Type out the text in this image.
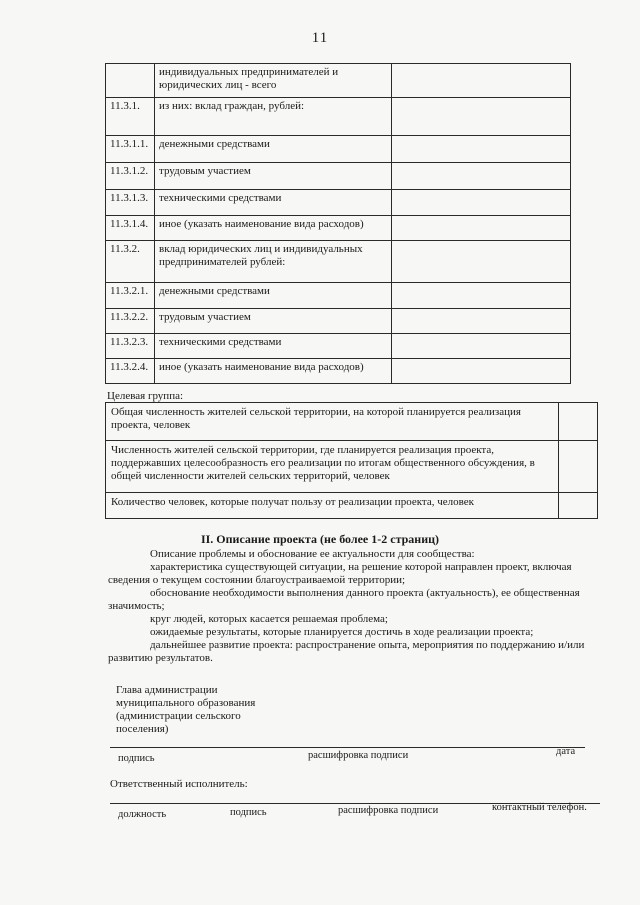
11
	индивидуальных предпринимателей и юридических лиц - всего	
11.3.1.	из них: вклад граждан, рублей:	
11.3.1.1.	денежными средствами	
11.3.1.2.	трудовым участием	
11.3.1.3.	техническими средствами	
11.3.1.4.	иное (указать наименование вида расходов)	
11.3.2.	вклад юридических лиц и индивидуальных предпринимателей рублей:	
11.3.2.1.	денежными средствами	
11.3.2.2.	трудовым участием	
11.3.2.3.	техническими средствами	
11.3.2.4.	иное (указать наименование вида расходов)	
Целевая группа:
Общая численность жителей сельской территории, на которой планируется реализация проекта, человек	
Численность жителей сельской территории, где планируется реализация проекта, поддержавших целесообразность его реализации по итогам общественного обсуждения, в общей численности жителей сельских территорий, человек	
Количество человек, которые получат пользу от реализации проекта, человек	
II. Описание проекта (не более 1-2 страниц)
Описание проблемы и обоснование ее актуальности для сообщества:
характеристика существующей ситуации, на решение которой направлен проект, включая
сведения о текущем состоянии благоустраиваемой территории;
обоснование необходимости выполнения данного проекта (актуальность), ее общественная
значимость;
круг людей, которых касается решаемая проблема;
ожидаемые результаты, которые планируется достичь в ходе реализации проекта;
дальнейшее развитие проекта: распространение опыта, мероприятия по поддержанию и/или
развитию результатов.
Глава администрации
муниципального образования
(администрации сельского
поселения)
подпись	расшифровка подписи	дата
Ответственный исполнитель:
должность	подпись	расшифровка подписи	контактный телефон.
